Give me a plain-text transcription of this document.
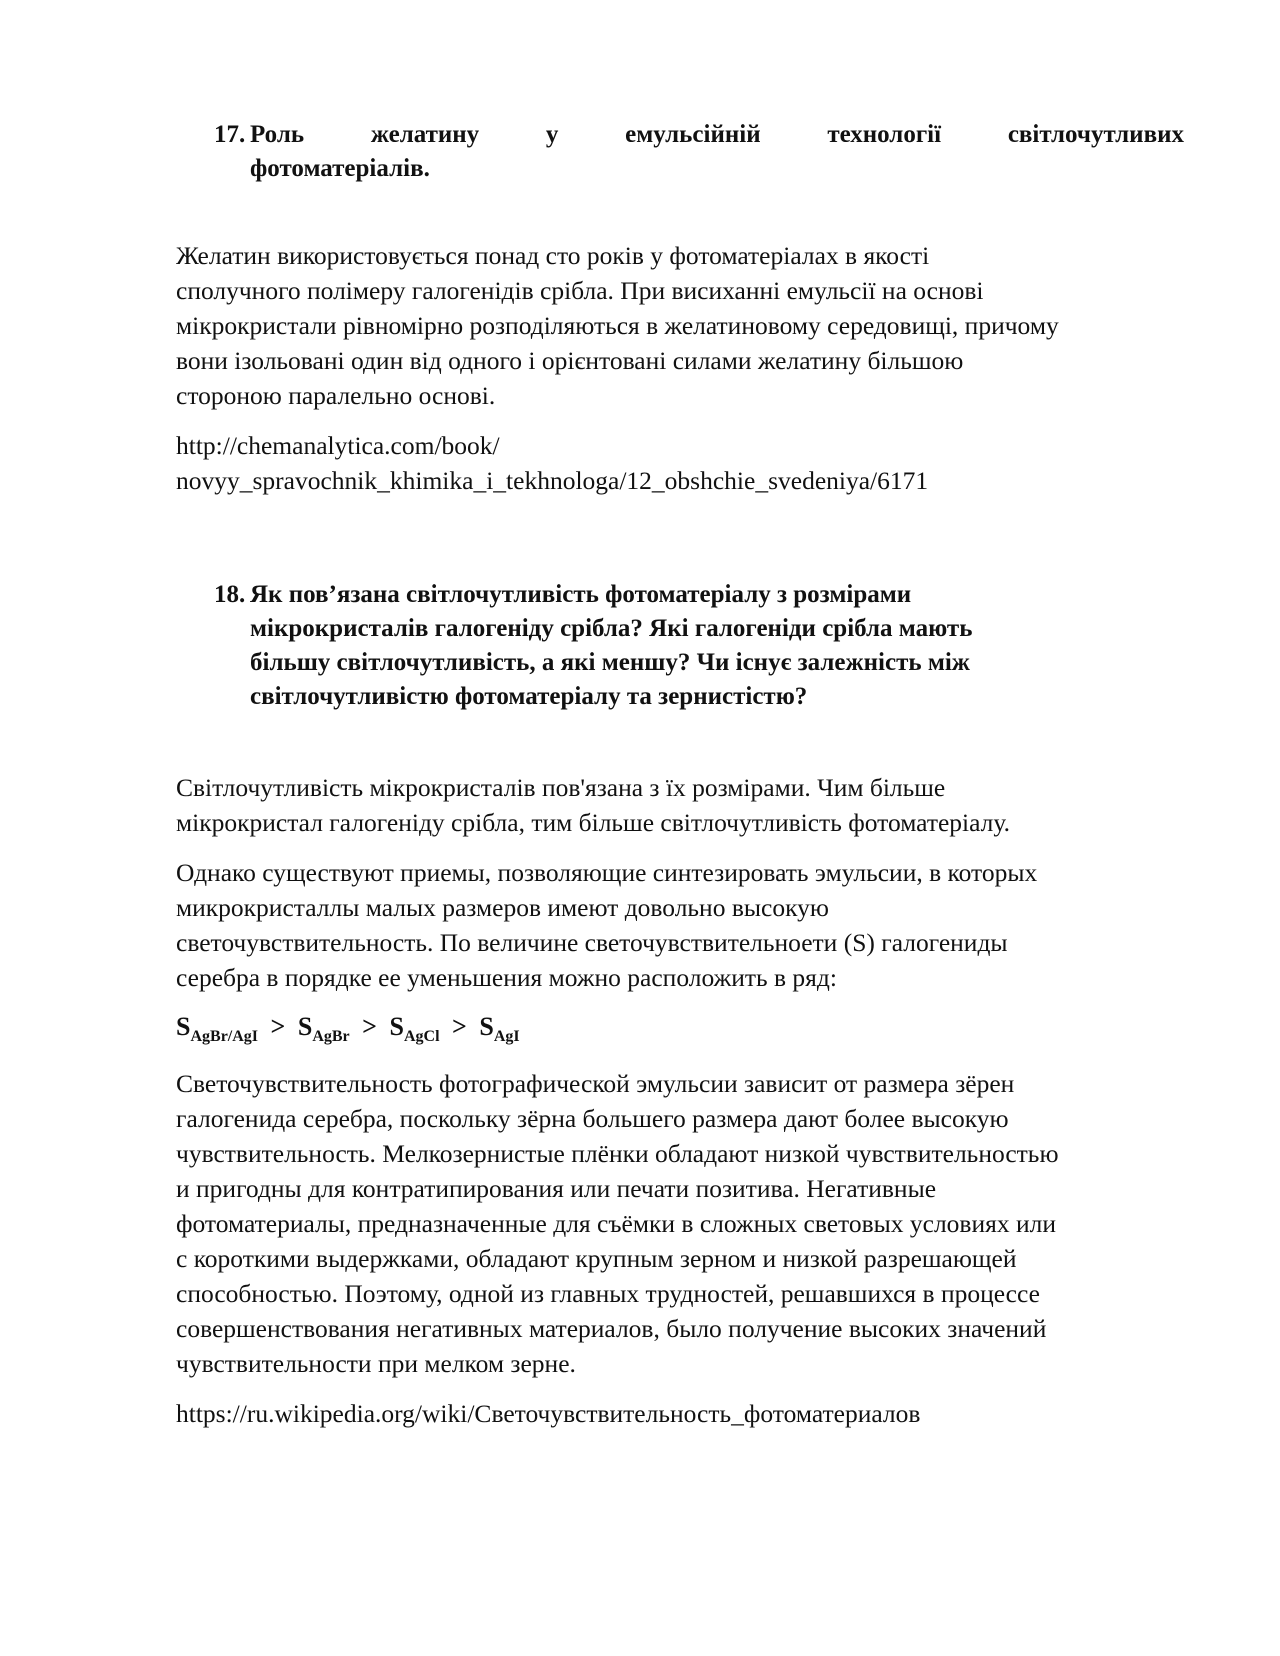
17. Роль	желатину	у	емульсійній	технології	світлочутливих
фотоматеріалів.
Желатин використовується понад сто років у фотоматеріалах в якості
сполучного полімеру галогенідів срібла. При висиханні емульсії на основі
мікрокристали рівномірно розподіляються в желатиновому середовищі, причому
вони ізольовані один від одного і орієнтовані силами желатину більшою
стороною паралельно основі.
http://chemanalytica.com/book/
novyy_spravochnik_khimika_i_tekhnologa/12_obshchie_svedeniya/6171
18. Як пов’язана світлочутливість фотоматеріалу з розмірами
мікрокристалів галогеніду срібла? Які галогеніди срібла мають
більшу світлочутливість, а які меншу? Чи існує залежність між
світлочутливістю фотоматеріалу та зернистістю?
Світлочутливість мікрокристалів пов'язана з їх розмірами. Чим більше
мікрокристал галогеніду срібла, тим більше світлочутливість фотоматеріалу.
Однако существуют приемы, позволяющие синтезировать эмульсии, в которых
микрокристаллы малых размеров имеют довольно высокую
светочувствительность. По величине светочувствительноети (S) галогениды
серебра в порядке ее уменьшения можно расположить в ряд:
$S_{AgBr/AgI} > S_{AgBr} > S_{AgCl} > S_{AgI}$
Светочувствительность фотографической эмульсии зависит от размера зёрен
галогенида серебра, поскольку зёрна большего размера дают более высокую
чувствительность. Мелкозернистые плёнки обладают низкой чувствительностью
и пригодны для контратипирования или печати позитива. Негативные
фотоматериалы, предназначенные для съёмки в сложных световых условиях или
с короткими выдержками, обладают крупным зерном и низкой разрешающей
способностью. Поэтому, одной из главных трудностей, решавшихся в процессе
совершенствования негативных материалов, было получение высоких значений
чувствительности при мелком зерне.
https://ru.wikipedia.org/wiki/Светочувствительность_фотоматериалов
